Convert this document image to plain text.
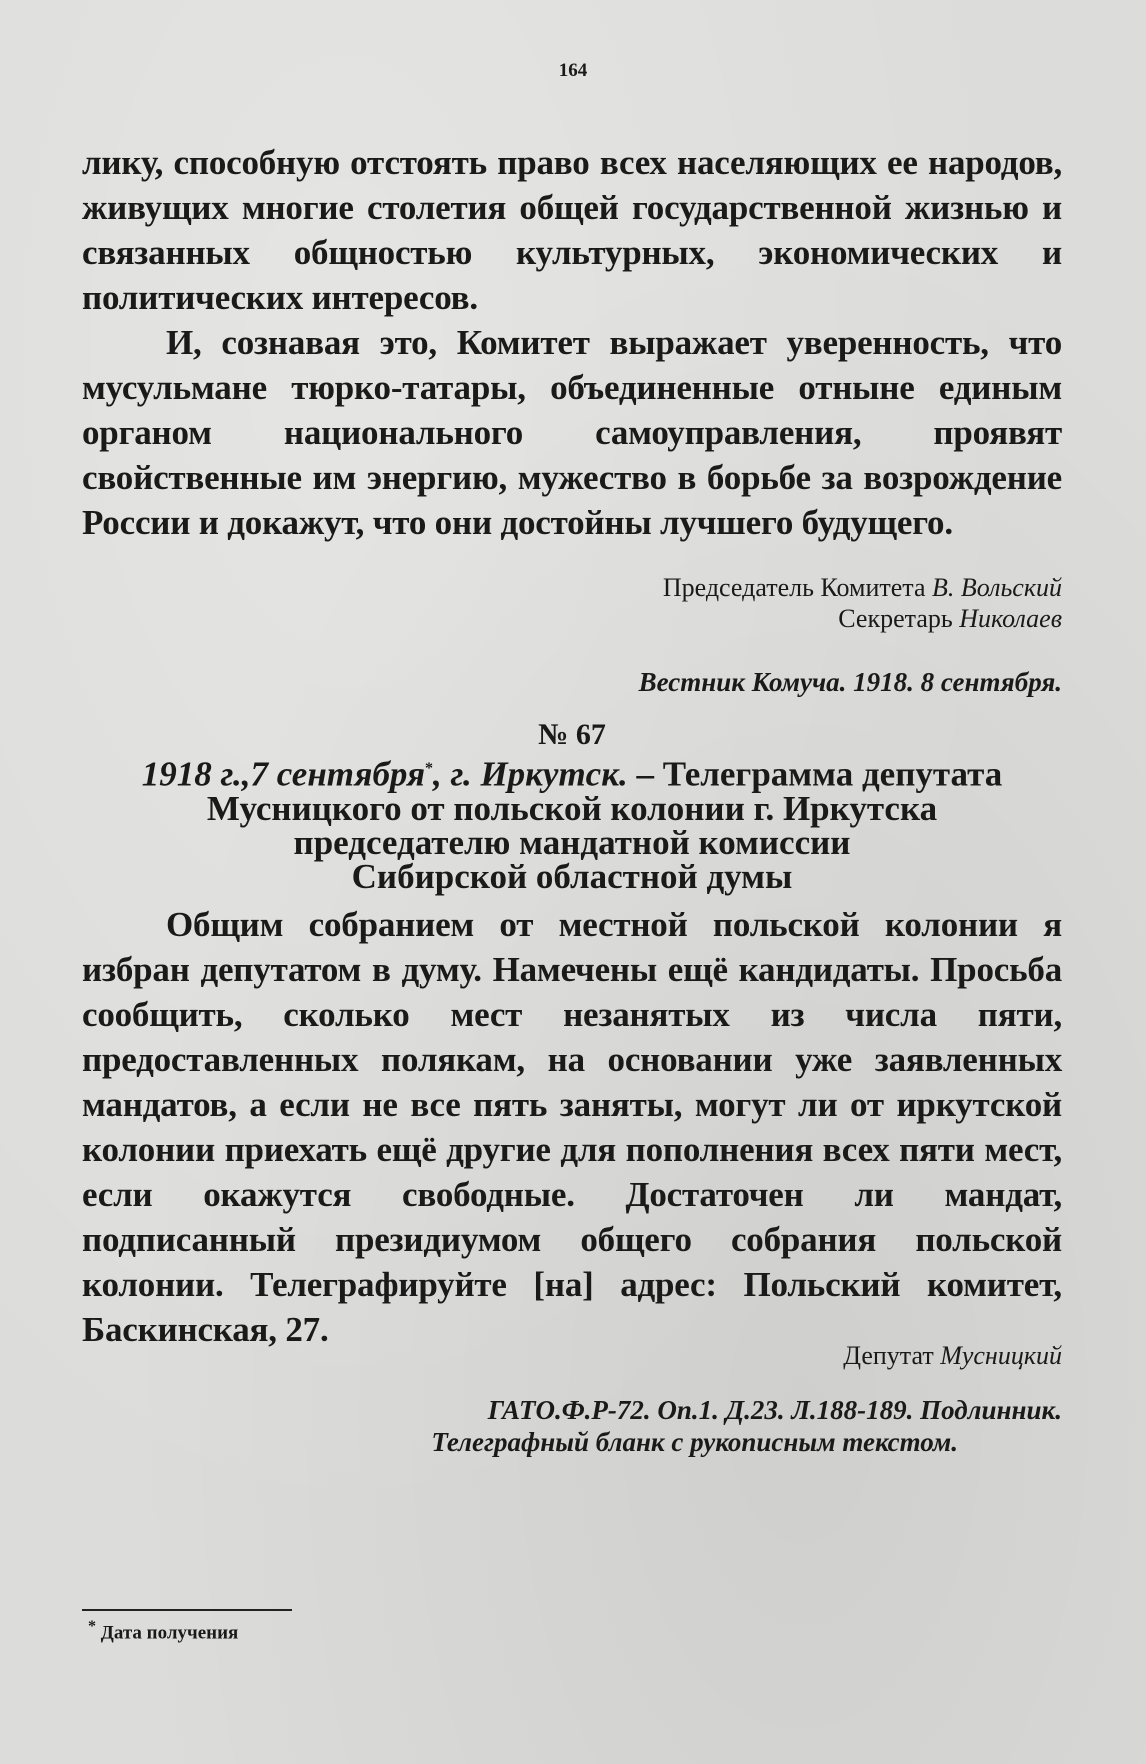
164

лику, способную отстоять право всех населяющих ее народов, живущих многие столетия общей государственной жизнью и связанных общностью культурных, экономических и политических интересов.

И, сознавая это, Комитет выражает уверенность, что мусульмане тюрко-татары, объединенные отныне единым органом национального самоуправления, проявят свойственные им энергию, мужество в борьбе за возрождение России и докажут, что они достойны лучшего будущего.

Председатель Комитета В. Вольский
Секретарь Николаев
Вестник Комуча. 1918. 8 сентября.
№ 67
1918 г.,7 сентября*, г. Иркутск. – Телеграмма депутата
Мусницкого от польской колонии г. Иркутска
председателю мандатной комиссии
Сибирской областной думы

Общим собранием от местной польской колонии я избран депутатом в думу. Намечены ещё кандидаты. Просьба сообщить, сколько мест незанятых из числа пяти, предоставленных полякам, на основании уже заявленных мандатов, а если не все пять заняты, могут ли от иркутской колонии приехать ещё другие для пополнения всех пяти мест, если окажутся свободные. Достаточен ли мандат, подписанный президиумом общего собрания польской колонии. Телеграфируйте [на] адрес: Польский комитет, Баскинская, 27.

Депутат Мусницкий
ГАТО.Ф.Р-72. Оп.1. Д.23. Л.188-189. Подлинник.
Телеграфный бланк с рукописным текстом.
* Дата получения
